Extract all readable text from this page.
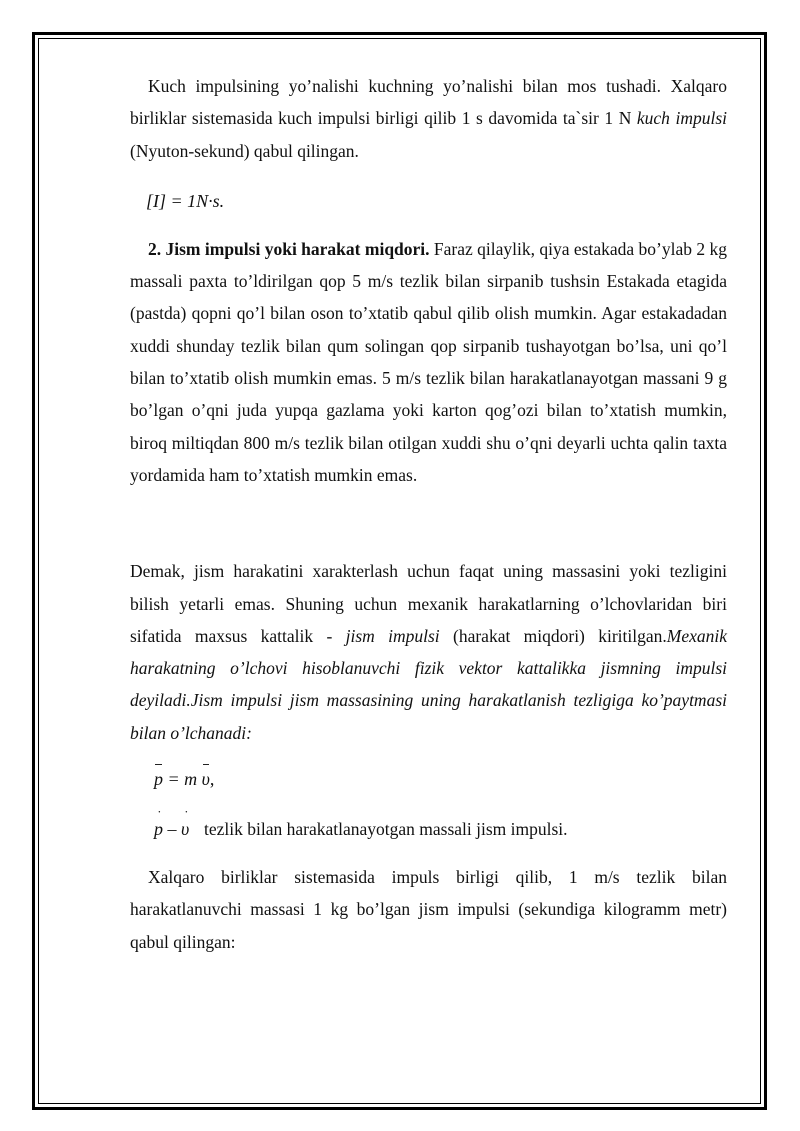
Kuch impulsining yo’nalishi kuchning yo’nalishi bilan mos tushadi. Xalqaro birliklar sistemasida kuch impulsi birligi qilib 1 s davomida ta`sir 1 N kuch impulsi (Nyuton-sekund) qabul qilingan.

[I] = 1N·s.

2. Jism impulsi yoki harakat miqdori. Faraz qilaylik, qiya estakada bo’ylab 2 kg massali paxta to’ldirilgan qop 5 m/s tezlik bilan sirpanib tushsin Estakada etagida (pastda) qopni qo’l bilan oson to’xtatib qabul qilib olish mumkin. Agar estakadadan xuddi shunday tezlik bilan qum solingan qop sirpanib tushayotgan bo’lsa, uni qo’l bilan to’xtatib olish mumkin emas. 5 m/s tezlik bilan harakatlanayotgan massani 9 g bo’lgan o’qni juda yupqa gazlama yoki karton qog’ozi bilan to’xtatish mumkin, biroq miltiqdan 800 m/s tezlik bilan otilgan xuddi shu o’qni deyarli uchta qalin taxta yordamida ham to’xtatish mumkin emas.

Demak, jism harakatini xarakterlash uchun faqat uning massasini yoki tezligini bilish yetarli emas. Shuning uchun mexanik harakatlarning o’lchovlaridan biri sifatida maxsus kattalik - jism impulsi (harakat miqdori) kiritilgan.Mexanik harakatning o’lchovi hisoblanuvchi fizik vektor kattalikka jismning impulsi deyiladi.Jism impulsi jism massasining uning harakatlanish tezligiga ko’paytmasi bilan o’lchanadi:

p = m υ,
˙ p – ˙ υ tezlik bilan harakatlanayotgan massali jism impulsi.

Xalqaro birliklar sistemasida impuls birligi qilib, 1 m/s tezlik bilan harakatlanuvchi massasi 1 kg bo’lgan jism impulsi (sekundiga kilogramm metr) qabul qilingan:
